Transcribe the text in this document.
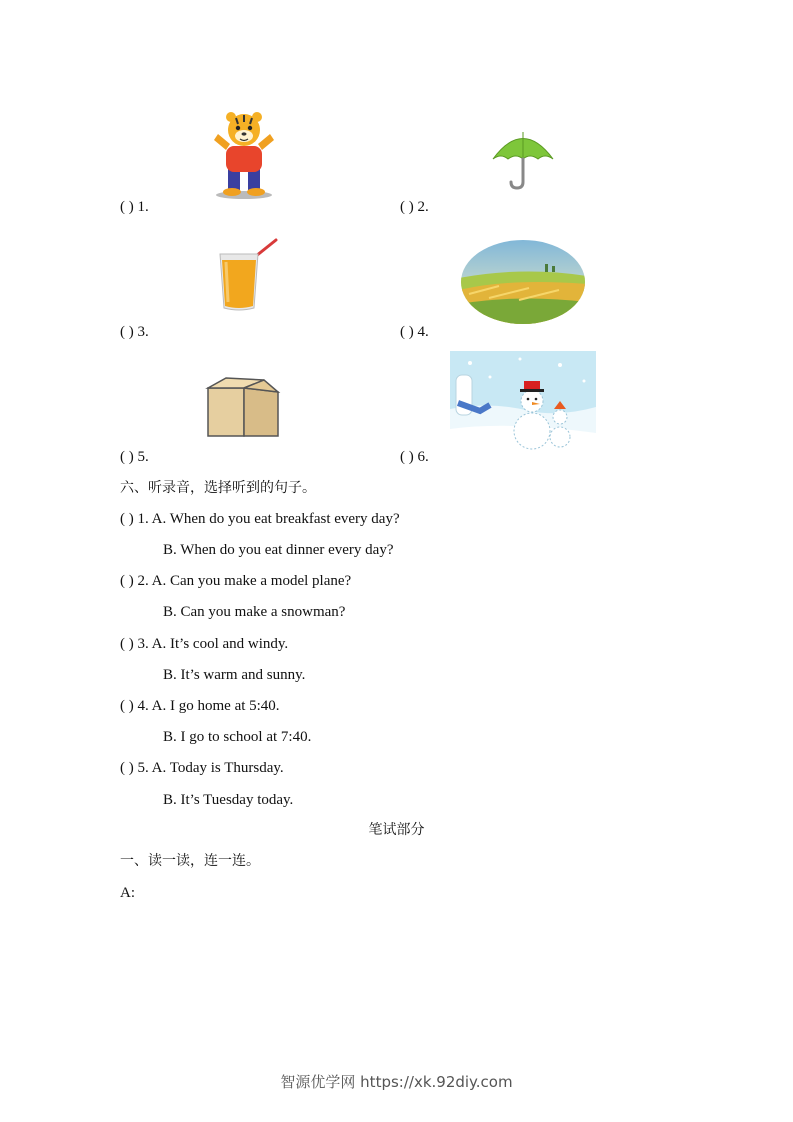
( ) 1.	( ) 2.
( ) 3.	( ) 4.
( ) 5.	( ) 6.
六、听录音，选择听到的句子。
( ) 1. A. When do you eat breakfast every day?
B. When do you eat dinner every day?
( ) 2. A. Can you make a model plane?
B. Can you make a snowman?
( ) 3. A. It’s cool and windy.
B. It’s warm and sunny.
( ) 4. A. I go home at 5:40.
B. I go to school at 7:40.
( ) 5. A. Today is Thursday.
B. It’s Tuesday today.
笔试部分
一、读一读，连一连。
A:
智源优学网 https://xk.92diy.com
